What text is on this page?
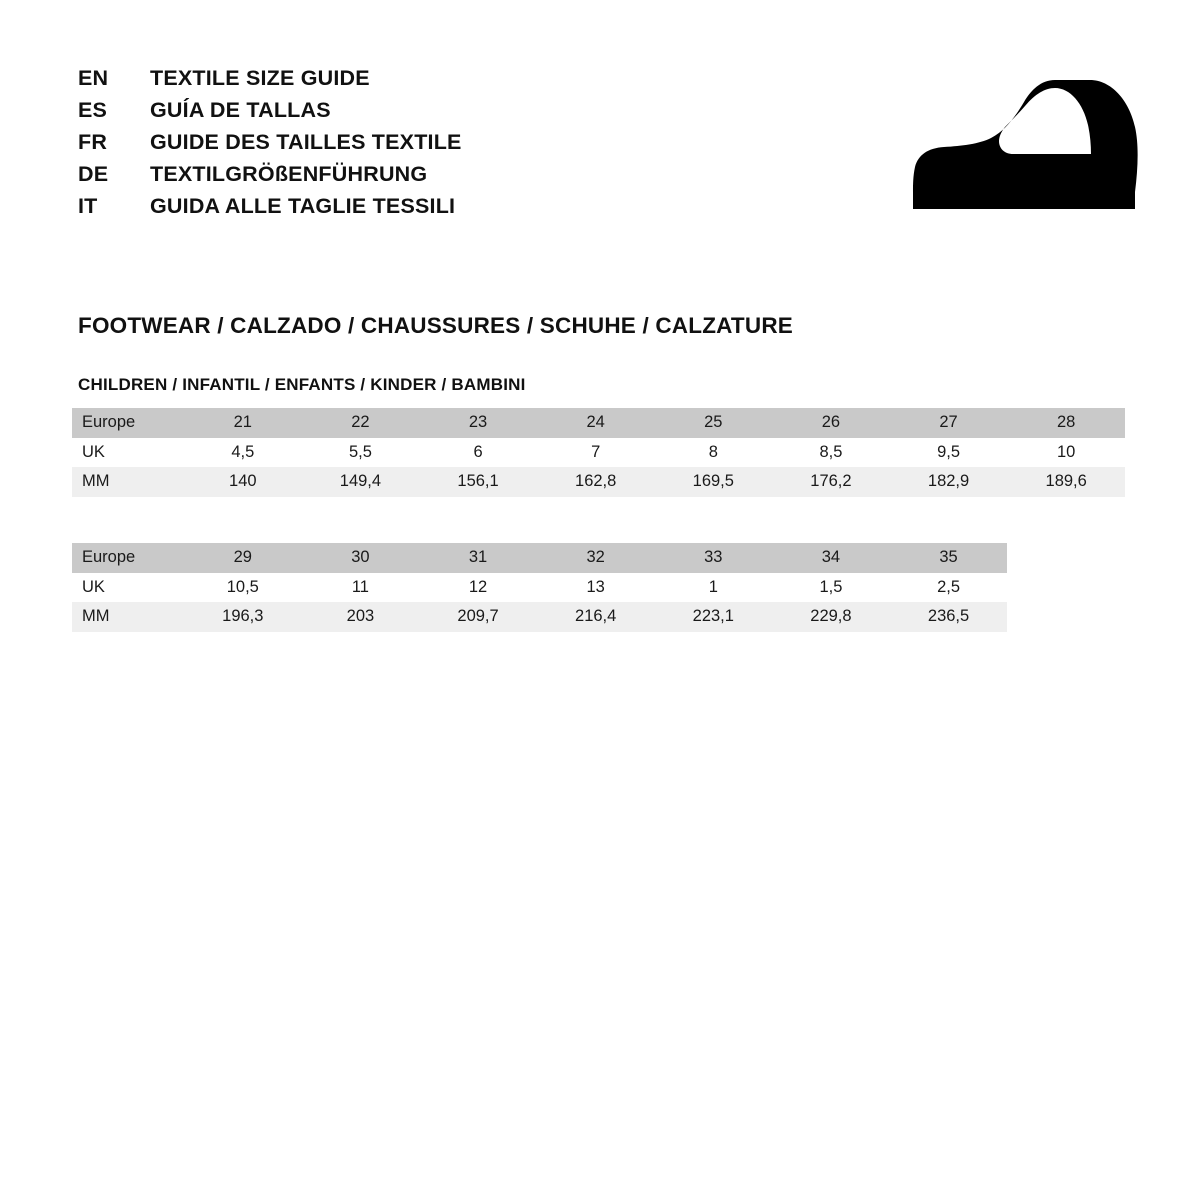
EN	TEXTILE SIZE GUIDE
ES	GUÍA DE TALLAS
FR	GUIDE DES TAILLES TEXTILE
DE	TEXTILGRÖßENFÜHRUNG
IT	GUIDA ALLE TAGLIE TESSILI
FOOTWEAR / CALZADO / CHAUSSURES / SCHUHE / CALZATURE
CHILDREN / INFANTIL / ENFANTS / KINDER / BAMBINI
Europe	21	22	23	24	25	26	27	28
UK	4,5	5,5	6	7	8	8,5	9,5	10
MM	140	149,4	156,1	162,8	169,5	176,2	182,9	189,6
Europe	29	30	31	32	33	34	35	
UK	10,5	11	12	13	1	1,5	2,5	
MM	196,3	203	209,7	216,4	223,1	229,8	236,5	
